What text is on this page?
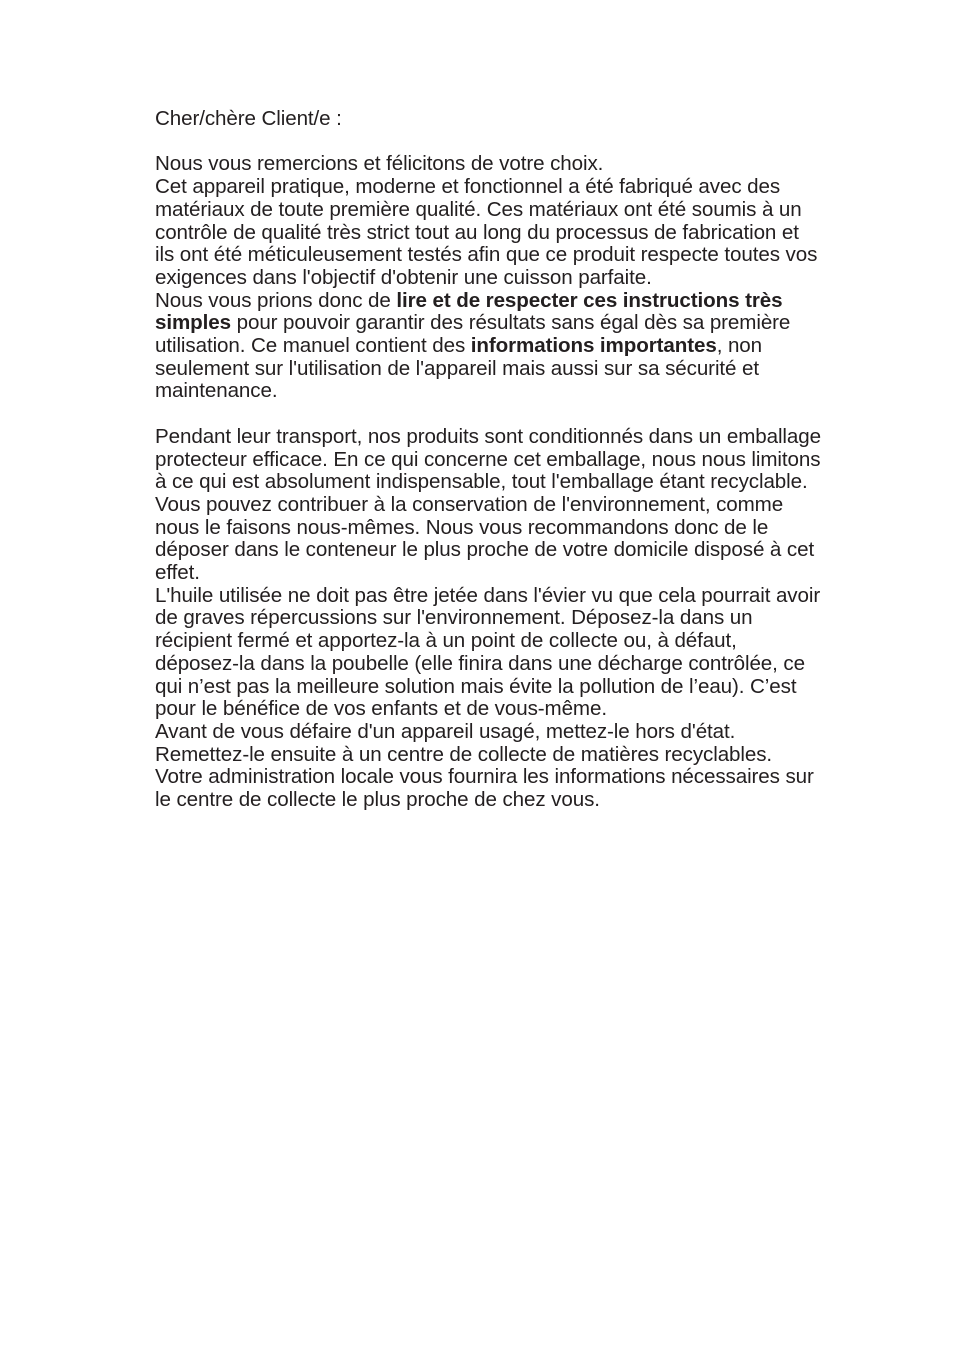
Cher/chère Client/e :

Nous vous remercions et félicitons de votre choix.

Cet appareil pratique, moderne et fonctionnel a été fabriqué avec des matériaux de toute première qualité. Ces matériaux ont été soumis à un contrôle de qualité très strict tout au long du processus de fabrication et ils ont été méticuleusement testés afin que ce produit respecte toutes vos exigences dans l'objectif d'obtenir une cuisson parfaite.

Nous vous prions donc de lire et de respecter ces instructions très simples pour pouvoir garantir des résultats sans égal dès sa première utilisation. Ce manuel contient des informations importantes, non seulement sur l'utilisation de l'appareil mais aussi sur sa sécurité et maintenance.

Pendant leur transport, nos produits sont conditionnés dans un emballage protecteur efficace. En ce qui concerne cet emballage, nous nous limitons à ce qui est absolument indispensable, tout l'emballage étant recyclable. Vous pouvez contribuer à la conservation de l'environnement, comme nous le faisons nous-mêmes. Nous vous recommandons donc de le déposer dans le conteneur le plus proche de votre domicile disposé à cet effet.

L'huile utilisée ne doit pas être jetée dans l'évier vu que cela pourrait avoir de graves répercussions sur l'environnement. Déposez-la dans un récipient fermé et apportez-la à un point de collecte ou, à défaut, déposez-la dans la poubelle (elle finira dans une décharge contrôlée, ce qui n’est pas la meilleure solution mais évite la pollution de l’eau). C’est pour le bénéfice de vos enfants et de vous-même.

Avant de vous défaire d'un appareil usagé, mettez-le hors d'état. Remettez-le ensuite à un centre de collecte de matières recyclables. Votre administration locale vous fournira les informations nécessaires sur le centre de collecte le plus proche de chez vous.
